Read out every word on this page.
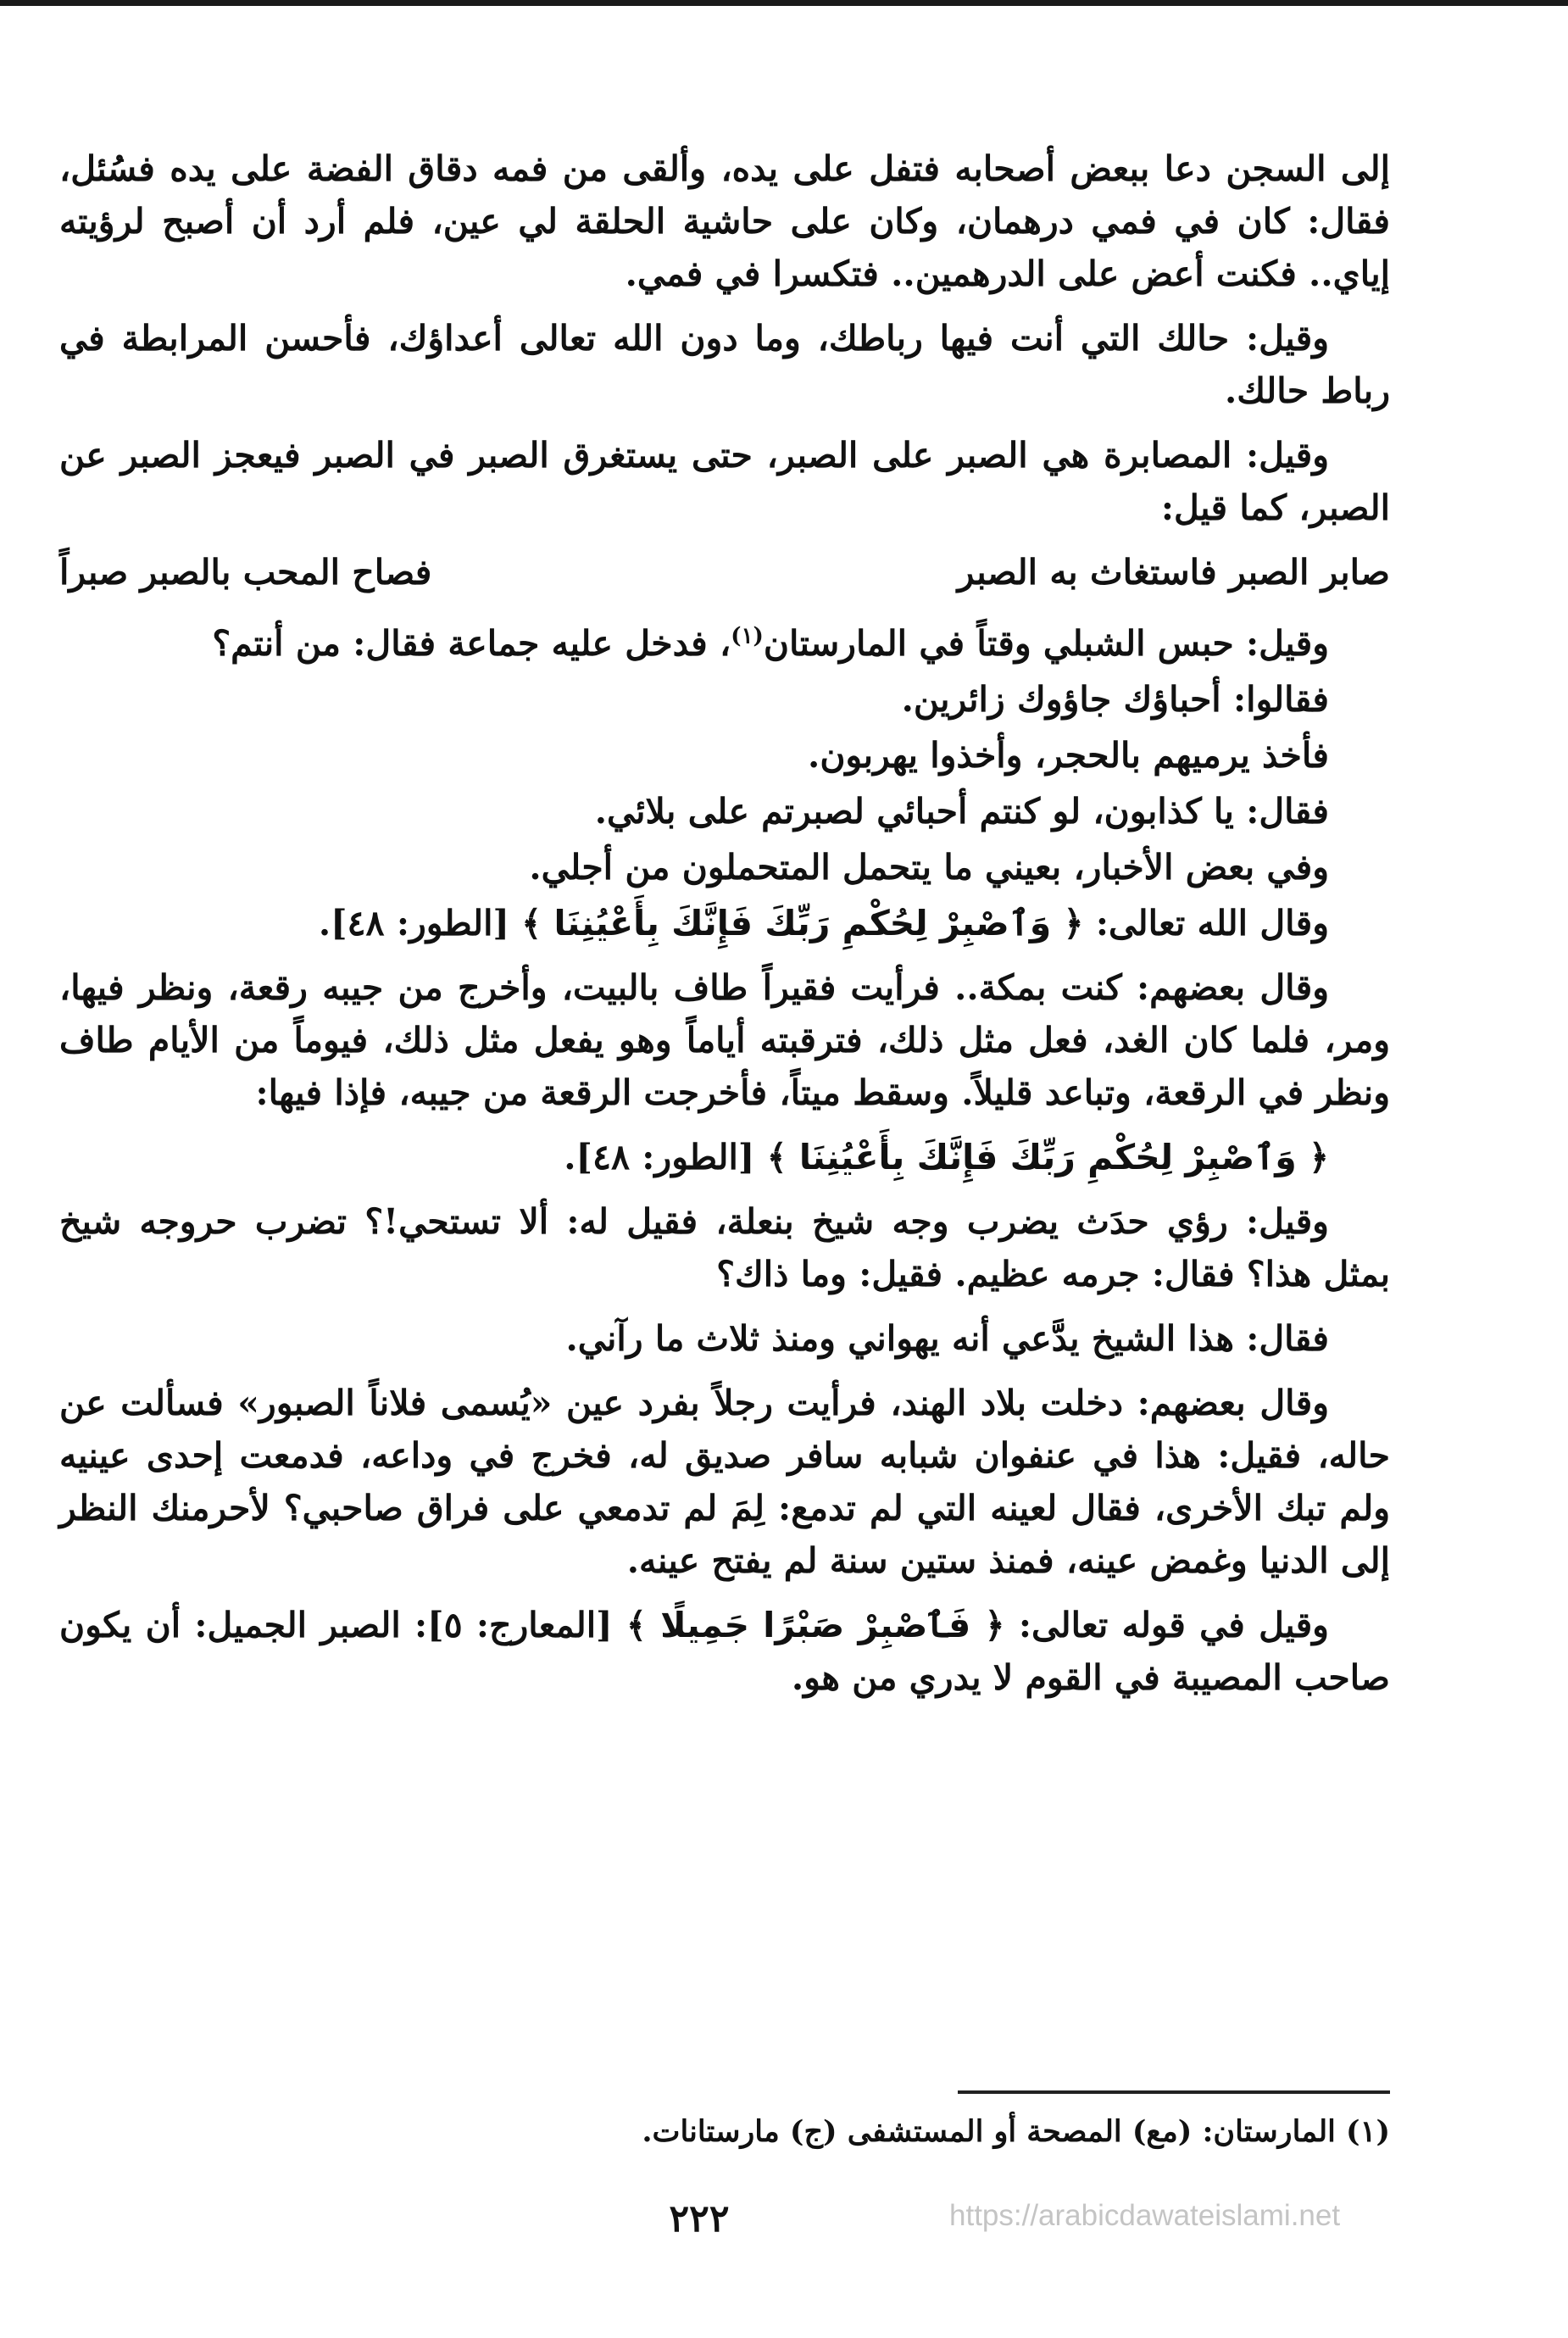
إلى السجن دعا ببعض أصحابه فتفل على يده، وألقى من فمه دقاق الفضة على يده فسُئل، فقال: كان في فمي درهمان، وكان على حاشية الحلقة لي عين، فلم أرد أن أصبح لرؤيته إياي.. فكنت أعض على الدرهمين.. فتكسرا في فمي.

وقيل: حالك التي أنت فيها رباطك، وما دون الله تعالى أعداؤك، فأحسن المرابطة في رباط حالك.

وقيل: المصابرة هي الصبر على الصبر، حتى يستغرق الصبر في الصبر فيعجز الصبر عن الصبر، كما قيل:

صابر الصبر فاستغاث به الصبر
فصاح المحب بالصبر صبراً

وقيل: حبس الشبلي وقتاً في المارستان$^{(١)}$، فدخل عليه جماعة فقال: من أنتم؟

فقالوا: أحباؤك جاؤوك زائرين.

فأخذ يرميهم بالحجر، وأخذوا يهربون.

فقال: يا كذابون، لو كنتم أحبائي لصبرتم على بلائي.

وفي بعض الأخبار، بعيني ما يتحمل المتحملون من أجلي.

وقال الله تعالى: ﴿ وَٱصْبِرْ لِحُكْمِ رَبِّكَ فَإِنَّكَ بِأَعْيُنِنَا ﴾ [الطور: ٤٨].

وقال بعضهم: كنت بمكة.. فرأيت فقيراً طاف بالبيت، وأخرج من جيبه رقعة، ونظر فيها، ومر، فلما كان الغد، فعل مثل ذلك، فترقبته أياماً وهو يفعل مثل ذلك، فيوماً من الأيام طاف ونظر في الرقعة، وتباعد قليلاً. وسقط ميتاً، فأخرجت الرقعة من جيبه، فإذا فيها:

﴿ وَٱصْبِرْ لِحُكْمِ رَبِّكَ فَإِنَّكَ بِأَعْيُنِنَا ﴾ [الطور: ٤٨].

وقيل: رؤي حدَث يضرب وجه شيخ بنعلة، فقيل له: ألا تستحي!؟ تضرب حروجه شيخ بمثل هذا؟ فقال: جرمه عظيم. فقيل: وما ذاك؟

فقال: هذا الشيخ يدَّعي أنه يهواني ومنذ ثلاث ما رآني.

وقال بعضهم: دخلت بلاد الهند، فرأيت رجلاً بفرد عين «يُسمى فلاناً الصبور» فسألت عن حاله، فقيل: هذا في عنفوان شبابه سافر صديق له، فخرج في وداعه، فدمعت إحدى عينيه ولم تبك الأخرى، فقال لعينه التي لم تدمع: لِمَ لم تدمعي على فراق صاحبي؟ لأحرمنك النظر إلى الدنيا وغمض عينه، فمنذ ستين سنة لم يفتح عينه.

وقيل في قوله تعالى: ﴿ فَٱصْبِرْ صَبْرًا جَمِيلًا ﴾ [المعارج: ٥]: الصبر الجميل: أن يكون صاحب المصيبة في القوم لا يدري من هو.

(١) المارستان: (مع) المصحة أو المستشفى (ج) مارستانات.
٢٢٢	https://arabicdawateislami.net
